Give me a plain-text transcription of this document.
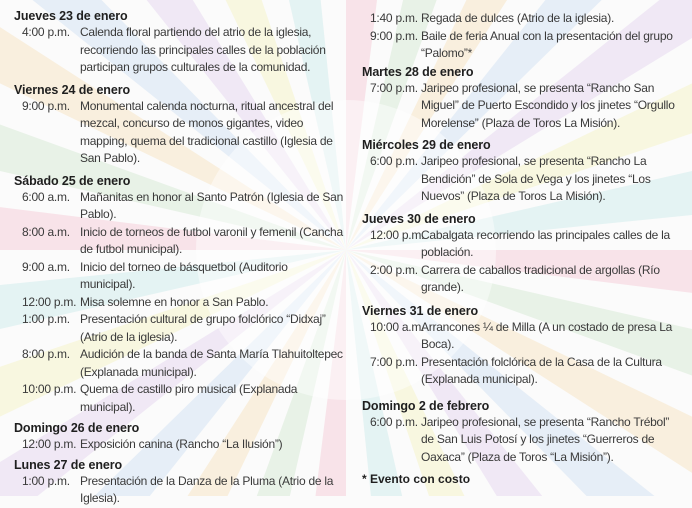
Jueves 23 de enero
4:00 p.m. Calenda floral partiendo del atrio de la iglesia, recorriendo las principales calles de la población participan grupos culturales de la comunidad.
Viernes 24 de enero
9:00 p.m. Monumental calenda nocturna, ritual ancestral del mezcal, concurso de monos gigantes, video mapping, quema del tradicional castillo (Iglesia de San Pablo).
Sábado 25 de enero
6:00 a.m. Mañanitas en honor al Santo Patrón (Iglesia de San Pablo).
8:00 a.m. Inicio de torneos de futbol varonil y femenil (Cancha de futbol municipal).
9:00 a.m. Inicio del torneo de básquetbol (Auditorio municipal).
12:00 p.m. Misa solemne en honor a San Pablo.
1:00 p.m. Presentación cultural de grupo folclórico “Didxaj” (Atrio de la iglesia).
8:00 p.m. Audición de la banda de Santa María Tlahuitoltepec (Explanada municipal).
10:00 p.m. Quema de castillo piro musical (Explanada municipal).
Domingo 26 de enero
12:00 p.m. Exposición canina (Rancho “La Ilusión”)
Lunes 27 de enero
1:00 p.m. Presentación de la Danza de la Pluma (Atrio de la Iglesia).
1:40 p.m. Regada de dulces (Atrio de la iglesia).
9:00 p.m. Baile de feria Anual con la presentación del grupo “Palomo”*
Martes 28 de enero
7:00 p.m. Jaripeo profesional, se presenta “Rancho San Miguel” de Puerto Escondido y los jinetes “Orgullo Morelense” (Plaza de Toros La Misión).
Miércoles 29 de enero
6:00 p.m. Jaripeo profesional, se presenta “Rancho La Bendición” de Sola de Vega y los jinetes “Los Nuevos” (Plaza de Toros La Misión).
Jueves 30 de enero
12:00 p.m.
Cabalgata recorriendo las principales calles de la población.
2:00 p.m. Carrera de caballos tradicional de argollas (Río grande).
Viernes 31 de enero
10:00 a.m.
Arrancones ¼ de Milla (A un costado de presa La Boca).
7:00 p.m. Presentación folclórica de la Casa de la Cultura (Explanada municipal).
Domingo 2 de febrero
6:00 p.m. Jaripeo profesional, se presenta “Rancho Trébol” de San Luis Potosí y los jinetes “Guerreros de Oaxaca” (Plaza de Toros “La Misión”).
* Evento con costo
